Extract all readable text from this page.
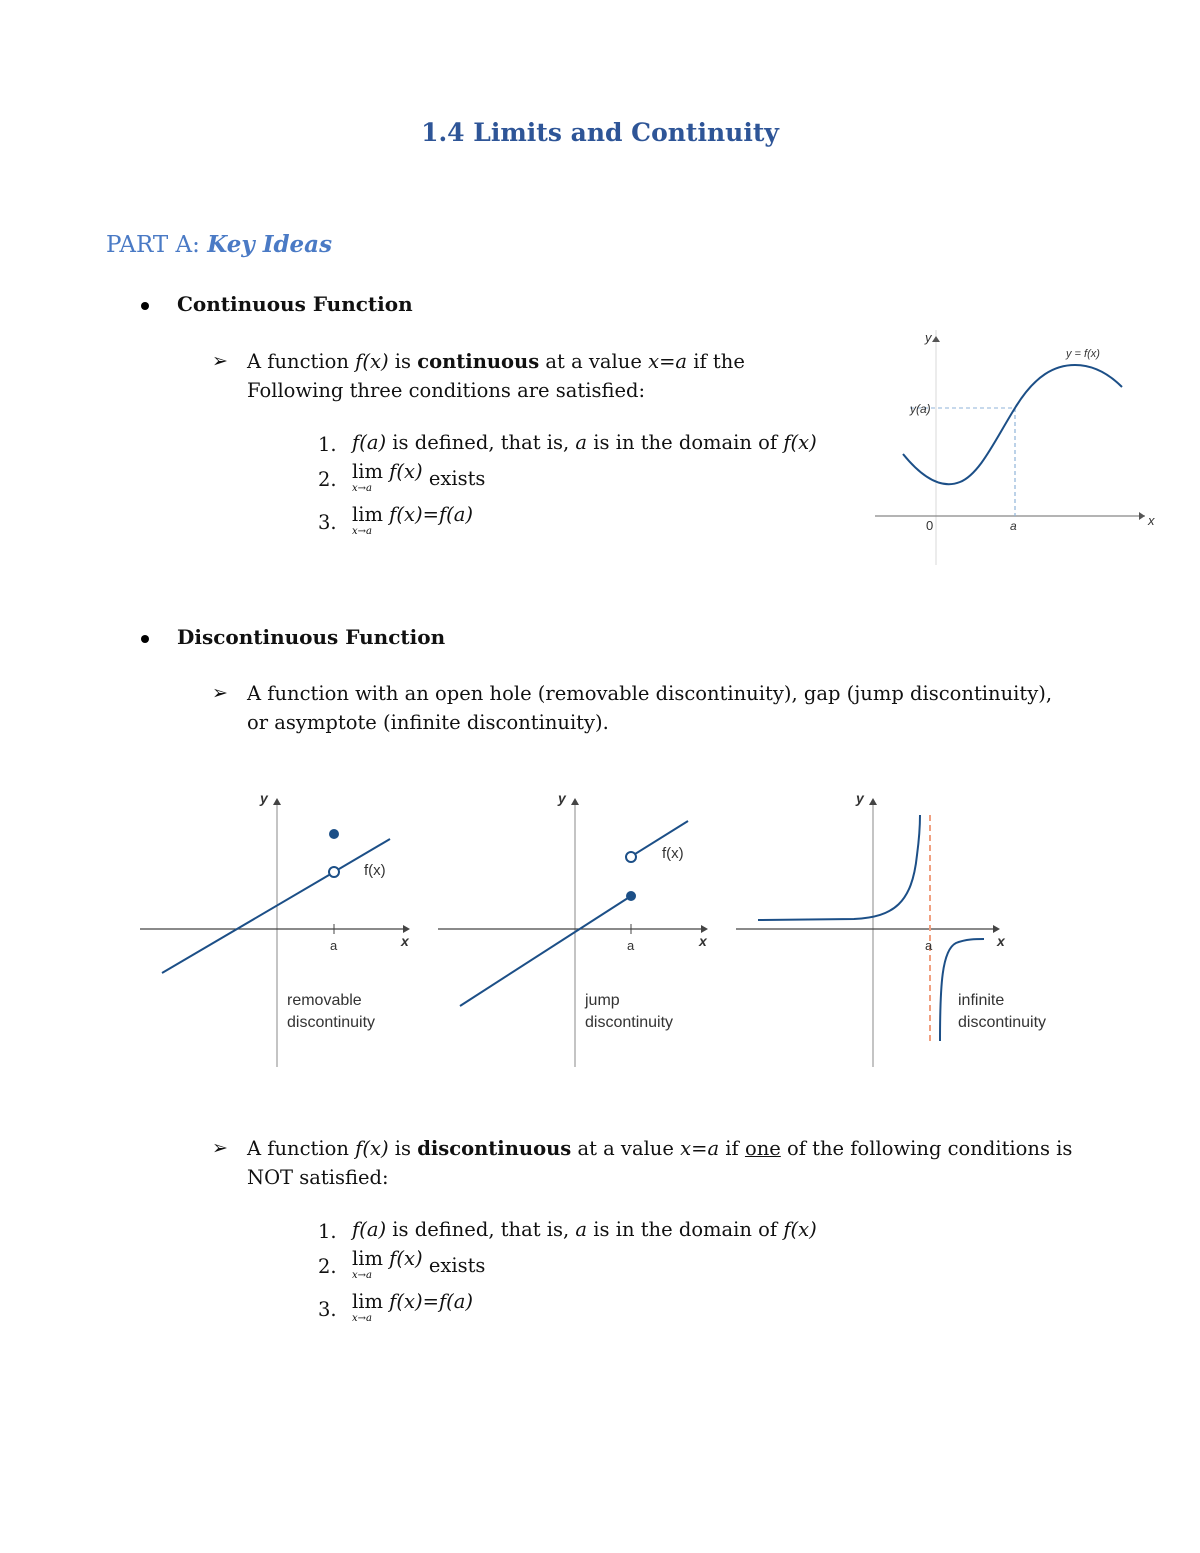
1.4 Limits and Continuity
PART A: Key Ideas
Continuous Function
➢ A function f(x) is continuous at a value x=a if the
Following three conditions are satisfied:
1. f(a) is defined, that is, a is in the domain of f(x)
2. lim
x→a
f(x) exists
3. lim
x→a
f(x)=f(a)
y
x
y = f(x)
y(a)
0	a
Discontinuous Function
➢ A function with an open hole (removable discontinuity), gap (jump discontinuity),
or asymptote (infinite discontinuity).
y
x
a
f(x)
removable
discontinuity
y
x
a
f(x)
jump
discontinuity
y
x
a
infinite
discontinuity
➢ A function f(x) is discontinuous at a value x=a if one of the following conditions is
NOT satisfied:
1. f(a) is defined, that is, a is in the domain of f(x)
2. lim
x→a
f(x) exists
3. lim
x→a
f(x)=f(a)
